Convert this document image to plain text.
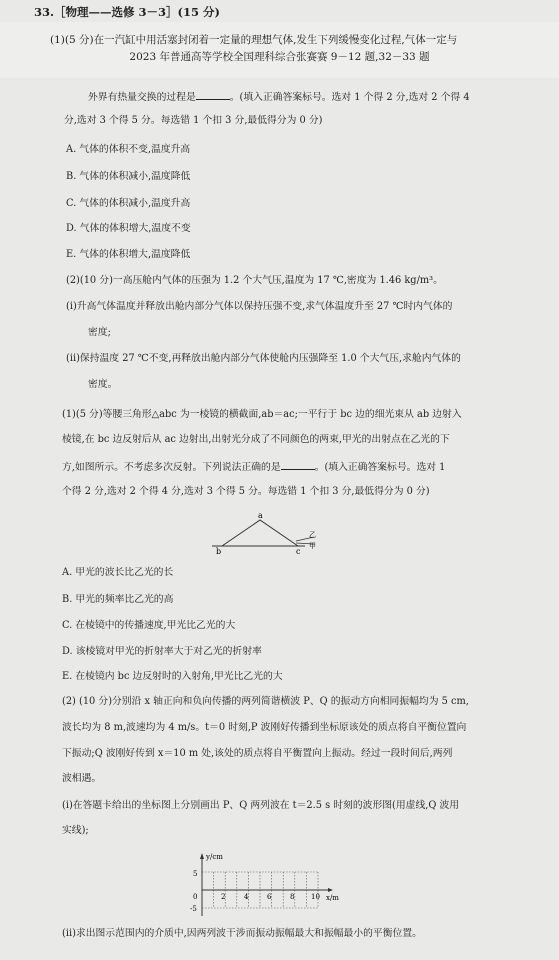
33.［物理——选修 3－3］(15 分)
(1)(5 分)在一汽缸中用活塞封闭着一定量的理想气体,发生下列缓慢变化过程,气体一定与
2023 年普通高等学校全国理科综合张赛赛 9－12 题,32－33 题
外界有热量交换的过程是	。(填入正确答案标号。选对 1 个得 2 分,选对 2 个得 4
分,选对 3 个得 5 分。每选错 1 个扣 3 分,最低得分为 0 分)
A. 气体的体积不变,温度升高
B. 气体的体积减小,温度降低
C. 气体的体积减小,温度升高
D. 气体的体积增大,温度不变
E. 气体的体积增大,温度降低
(2)(10 分)一高压舱内气体的压强为 1.2 个大气压,温度为 17 ℃,密度为 1.46 kg/m³。
(i)升高气体温度并释放出舱内部分气体以保持压强不变,求气体温度升至 27 ℃时内气体的
密度;
(ii)保持温度 27 ℃不变,再释放出舱内部分气体使舱内压强降至 1.0 个大气压,求舱内气体的
密度。
(1)(5 分)等腰三角形△abc 为一棱镜的横截面,ab＝ac;一平行于 bc 边的细光束从 ab 边射入
棱镜,在 bc 边反射后从 ac 边射出,出射光分成了不同颜色的两束,甲光的出射点在乙光的下
方,如图所示。不考虑多次反射。下列说法正确的是	。(填入正确答案标号。选对 1
个得 2 分,选对 2 个得 4 分,选对 3 个得 5 分。每选错 1 个扣 3 分,最低得分为 0 分)
a
b	c
乙
甲
A. 甲光的波长比乙光的长
B. 甲光的频率比乙光的高
C. 在棱镜中的传播速度,甲光比乙光的大
D. 该棱镜对甲光的折射率大于对乙光的折射率
E. 在棱镜内 bc 边反射时的入射角,甲光比乙光的大
(2) (10 分)分别沿 x 轴正向和负向传播的两列简谐横波 P、Q 的振动方向相同振幅均为 5 cm,
波长均为 8 m,波速均为 4 m/s。t＝0 时刻,P 波刚好传播到坐标原该处的质点将自平衡位置向
下振动;Q 波刚好传到 x＝10 m 处,该处的质点将自平衡置向上振动。经过一段时间后,两列
波相遇。
(ⅰ)在答题卡给出的坐标图上分别画出 P、Q 两列波在 t＝2.5 s 时刻的波形图(用虚线,Q 波用
实线);
y/cm
x/m
5
0
-5
2	4	6	8 10
(ⅱ)求出图示范围内的介质中,因两列波干涉而振动振幅最大和振幅最小的平衡位置。
